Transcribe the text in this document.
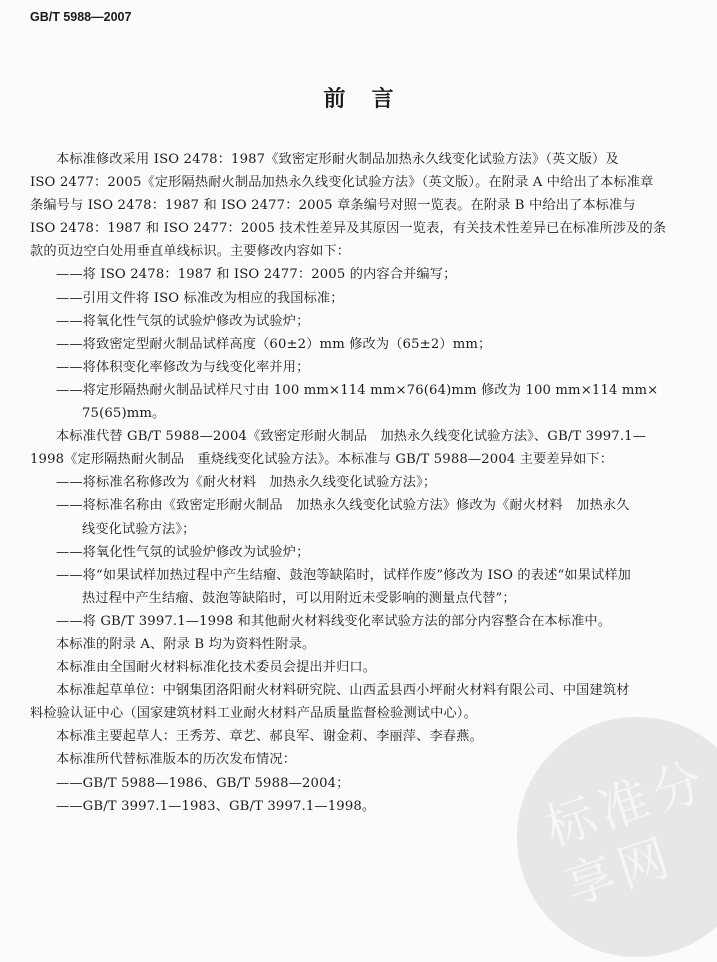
GB/T 5988—2007
前言
本标准修改采用 ISO 2478：1987《致密定形耐火制品加热永久线变化试验方法》（英文版）及
ISO 2477：2005《定形隔热耐火制品加热永久线变化试验方法》（英文版）。在附录 A 中给出了本标准章
条编号与 ISO 2478：1987 和 ISO 2477：2005 章条编号对照一览表。在附录 B 中给出了本标准与
ISO 2478：1987 和 ISO 2477：2005 技术性差异及其原因一览表，有关技术性差异已在标准所涉及的条
款的页边空白处用垂直单线标识。主要修改内容如下：
——将 ISO 2478：1987 和 ISO 2477：2005 的内容合并编写；
——引用文件将 ISO 标准改为相应的我国标准；
——将氧化性气氛的试验炉修改为试验炉；
——将致密定型耐火制品试样高度（60±2）mm 修改为（65±2）mm；
——将体积变化率修改为与线变化率并用；
——将定形隔热耐火制品试样尺寸由 100 mm×114 mm×76(64)mm 修改为 100 mm×114 mm×
75(65)mm。
本标准代替 GB/T 5988—2004《致密定形耐火制品　加热永久线变化试验方法》、GB/T 3997.1—
1998《定形隔热耐火制品　重烧线变化试验方法》。本标准与 GB/T 5988—2004 主要差异如下：
——将标准名称修改为《耐火材料　加热永久线变化试验方法》；
——将标准名称由《致密定形耐火制品　加热永久线变化试验方法》修改为《耐火材料　加热永久
线变化试验方法》；
——将氧化性气氛的试验炉修改为试验炉；
——将“如果试样加热过程中产生结瘤、鼓泡等缺陷时，试样作废”修改为 ISO 的表述“如果试样加
热过程中产生结瘤、鼓泡等缺陷时，可以用附近未受影响的测量点代替”；
——将 GB/T 3997.1—1998 和其他耐火材料线变化率试验方法的部分内容整合在本标准中。
本标准的附录 A、附录 B 均为资料性附录。
本标准由全国耐火材料标准化技术委员会提出并归口。
本标准起草单位：中钢集团洛阳耐火材料研究院、山西孟县西小坪耐火材料有限公司、中国建筑材
料检验认证中心（国家建筑材料工业耐火材料产品质量监督检验测试中心）。
本标准主要起草人：王秀芳、章艺、郝良军、谢金莉、李丽萍、李春燕。
本标准所代替标准版本的历次发布情况：
——GB/T 5988—1986、GB/T 5988—2004；
——GB/T 3997.1—1983、GB/T 3997.1—1998。	标准分享网
